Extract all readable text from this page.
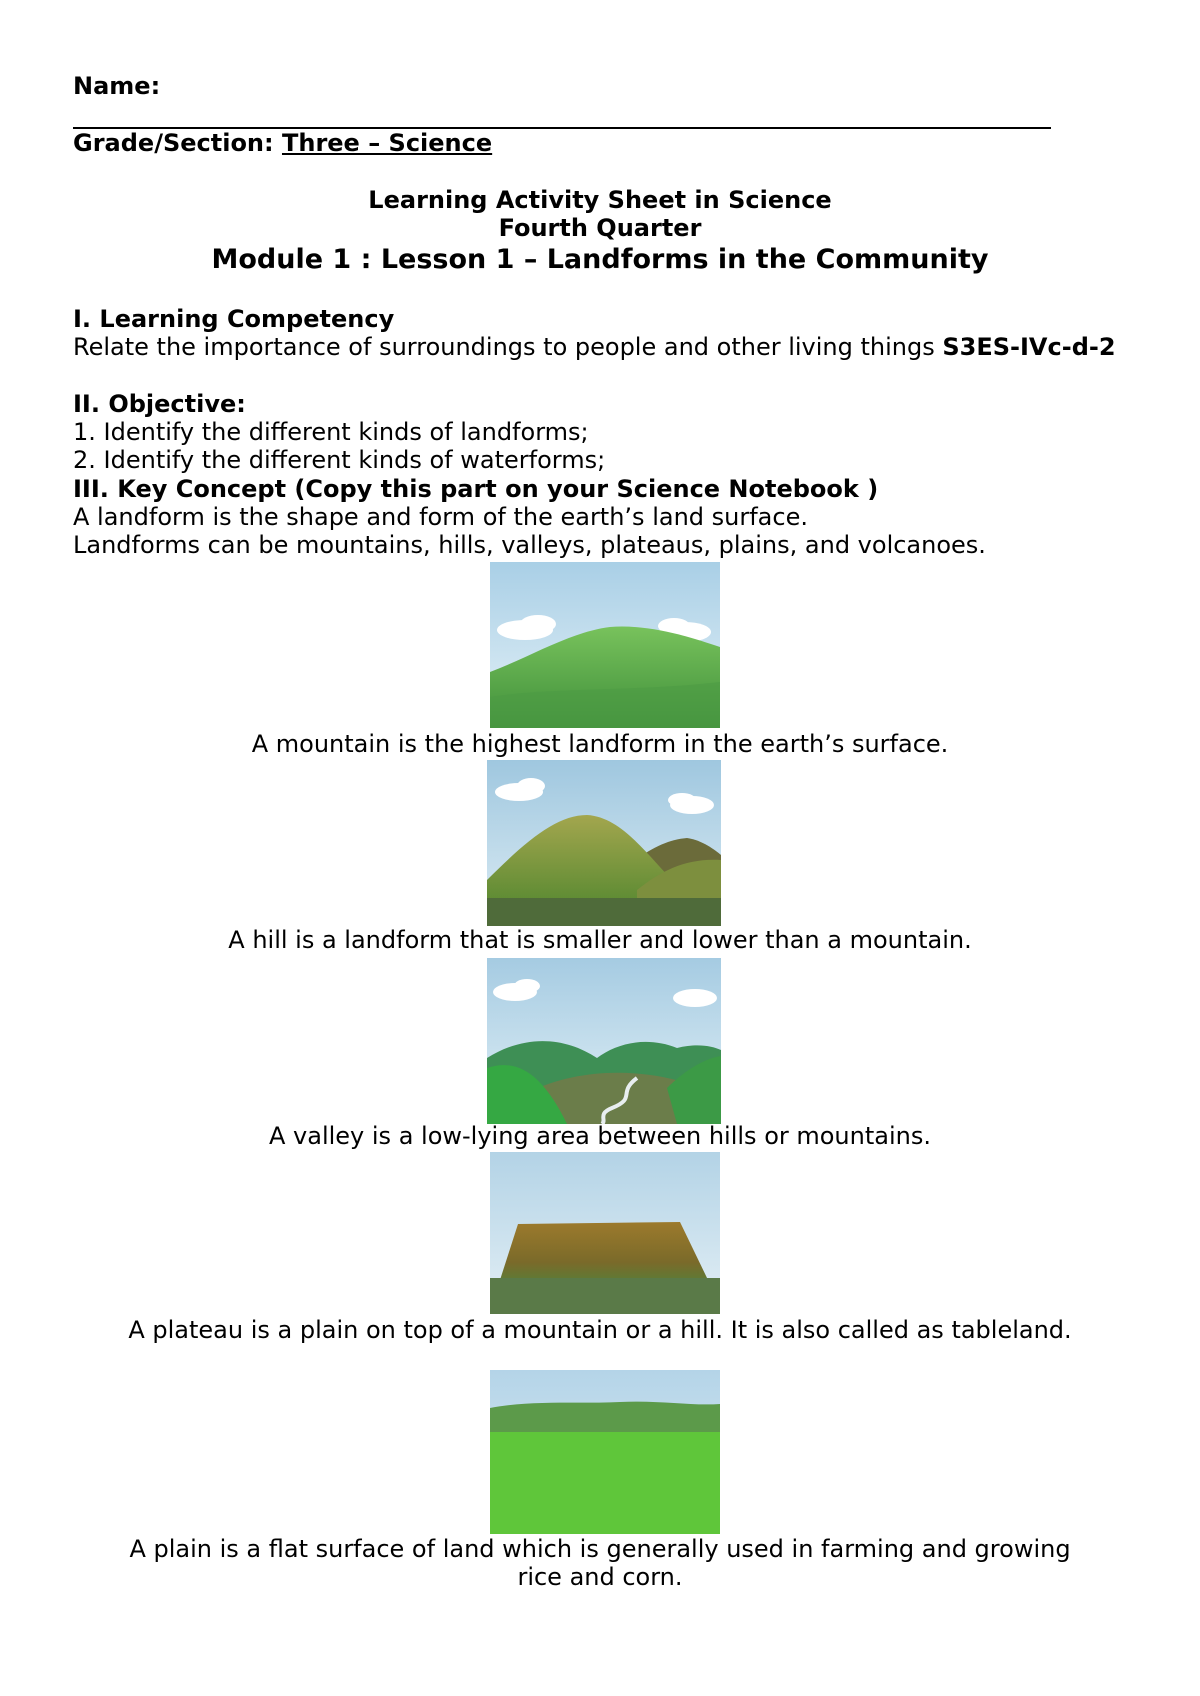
Name:
Grade/Section: Three – Science
Learning Activity Sheet in Science
Fourth Quarter
Module 1 : Lesson 1 – Landforms in the Community
I. Learning Competency
Relate the importance of surroundings to people and other living things S3ES-IVc-d-2
II. Objective:
1. Identify the different kinds of landforms;
2. Identify the different kinds of waterforms;
III. Key Concept (Copy this part on your Science Notebook )
A landform is the shape and form of the earth’s land surface.
Landforms can be mountains, hills, valleys, plateaus, plains, and volcanoes.
A mountain is the highest landform in the earth’s surface.
A hill is a landform that is smaller and lower than a mountain.
A valley is a low-lying area between hills or mountains.
A plateau is a plain on top of a mountain or a hill. It is also called as tableland.
A plain is a flat surface of land which is generally used in farming and growing
rice and corn.
